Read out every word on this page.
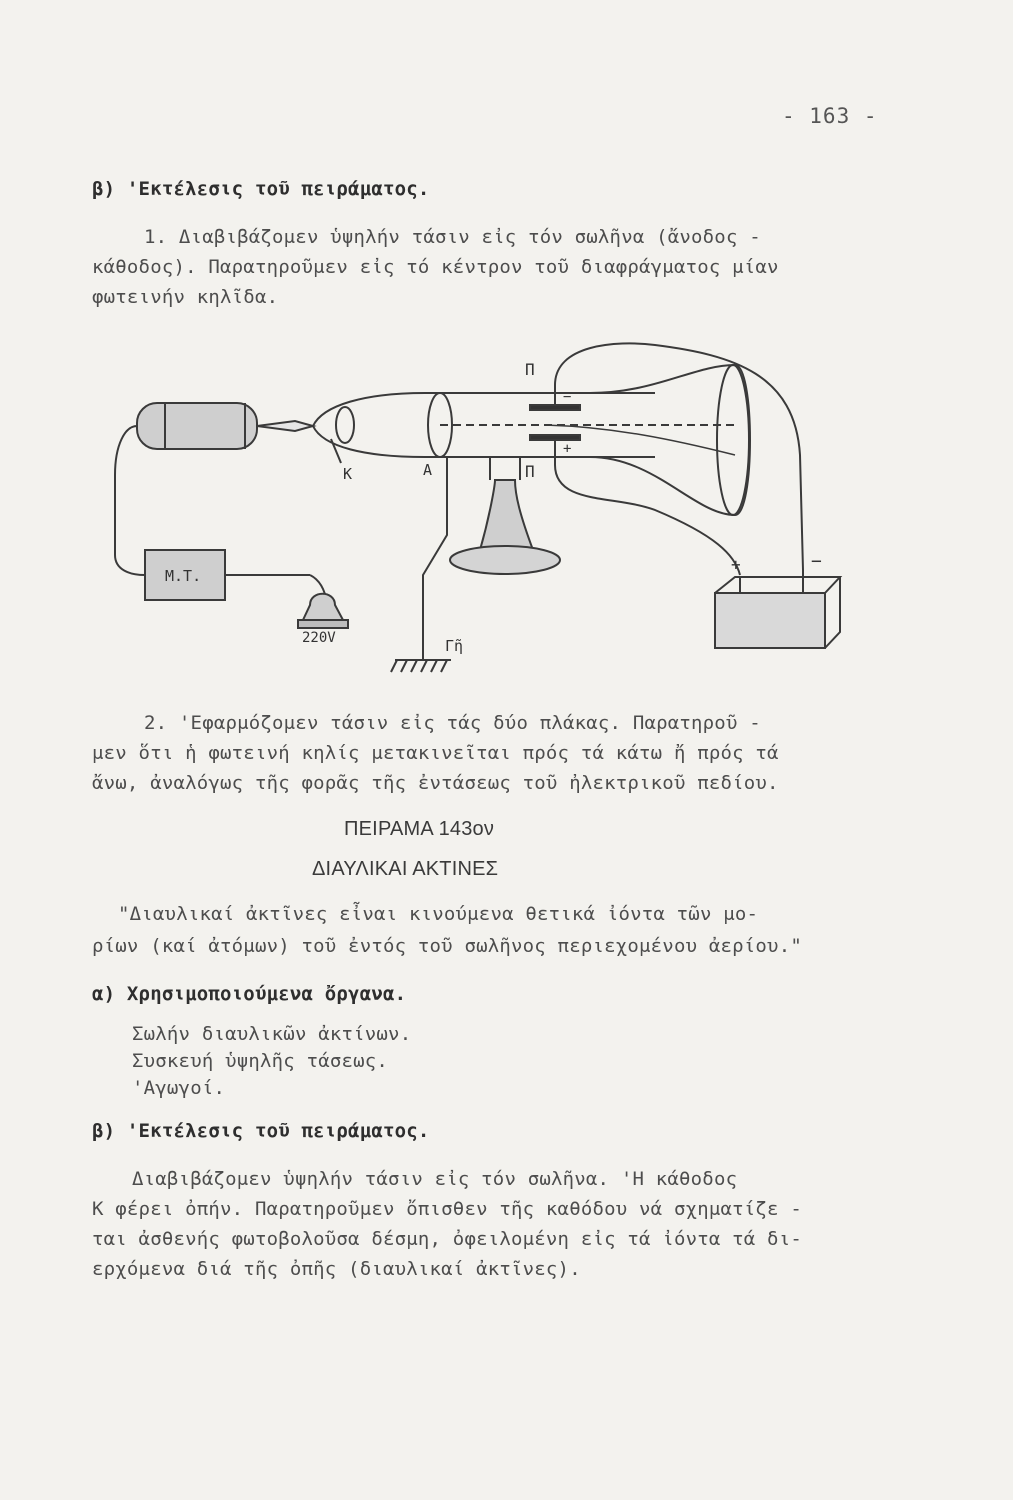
- 163 -
β) 'Εκτέλεσις τοῦ πειράματος.
1. Διαβιβάζομεν ὑψηλήν τάσιν εἰς τόν σωλῆνα (ἄνοδος -
κάθοδος). Παρατηροῦμεν εἰς τό κέντρον τοῦ διαφράγματος μίαν
φωτεινήν κηλῖδα.
Π
Π
K	A
Γῆ
220V
M.T.
+
−
+	−
2. 'Εφαρμόζομεν τάσιν εἰς τάς δύο πλάκας. Παρατηροῦ -
μεν ὅτι ἡ φωτεινή κηλίς μετακινεῖται πρός τά κάτω ἤ πρός τά
ἄνω, ἀναλόγως τῆς φορᾶς τῆς ἐντάσεως τοῦ ἠλεκτρικοῦ πεδίου.
ΠΕΙΡΑΜΑ 143ον
ΔΙΑΥΛΙΚΑΙ ΑΚΤΙΝΕΣ
"Διαυλικαί ἀκτῖνες εἶναι κινούμενα θετικά ἰόντα τῶν μο-
ρίων (καί ἀτόμων) τοῦ ἐντός τοῦ σωλῆνος περιεχομένου ἀερίου."
α) Χρησιμοποιούμενα ὄργανα.
Σωλήν διαυλικῶν ἀκτίνων.
Συσκευή ὑψηλῆς τάσεως.
'Αγωγοί.
β) 'Εκτέλεσις τοῦ πειράματος.
Διαβιβάζομεν ὑψηλήν τάσιν εἰς τόν σωλῆνα. 'Η κάθοδος
K φέρει ὀπήν. Παρατηροῦμεν ὄπισθεν τῆς καθόδου νά σχηματίζε -
ται ἀσθενής φωτοβολοῦσα δέσμη, ὀφειλομένη εἰς τά ἰόντα τά δι-
ερχόμενα διά τῆς ὀπῆς (διαυλικαί ἀκτῖνες).
